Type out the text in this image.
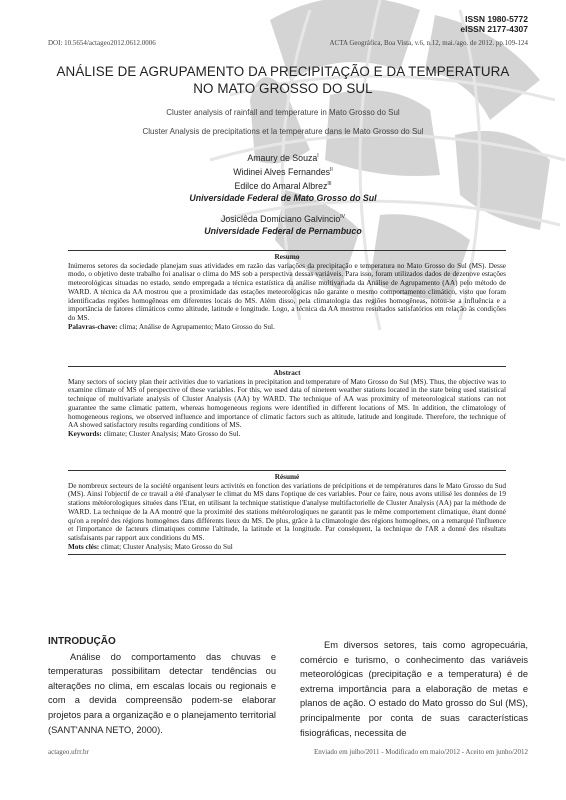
ISSN 1980-5772
eISSN 2177-4307
DOI: 10.5654/actageo2012.0612.0006	ACTA Geográfica, Boa Vista, v.6, n.12, mai./ago. de 2012. pp.109-124
ANÁLISE DE AGRUPAMENTO DA PRECIPITAÇÃO E DA TEMPERATURA
NO MATO GROSSO DO SUL
Cluster analysis of rainfall and temperature in Mato Grosso do Sul
Cluster Analysis de precipitations et la temperature dans le Mato Grosso do Sul
Amaury de Souza$^I$
Widinei Alves Fernandes$^{II}$
Edilce do Amaral Albrez$^{III}$
Universidade Federal de Mato Grosso do Sul
Josiclêda Domiciano Galvincio$^{IV}$
Universidade Federal de Pernambuco
Resumo
Inúmeros setores da sociedade planejam suas atividades em razão das variações da precipitação e temperatura no Mato Grosso do Sul (MS). Desse modo, o objetivo deste trabalho foi analisar o clima do MS sob a perspectiva dessas variáveis. Para isso, foram utilizados dados de dezenove estações meteorológicas situadas no estado, sendo empregada a técnica estatística da análise multivariada da Análise de Agrupamento (AA) pelo método de WARD. A técnica da AA mostrou que a proximidade das estações meteorológicas não garante o mesmo comportamento climático, visto que foram identificadas regiões homogêneas em diferentes locais do MS. Além disso, pela climatologia das regiões homogêneas, notou-se a influência e a importância de fatores climáticos como altitude, latitude e longitude. Logo, a técnica da AA mostrou resultados satisfatórios em relação às condições do MS.
Palavras-chave: clima; Análise de Agrupamento; Mato Grosso do Sul.
Abstract
Many sectors of society plan their activities due to variations in precipitation and temperature of Mato Grosso do Sul (MS). Thus, the objective was to examine climate of MS of perspective of these variables. For this, we used data of nineteen weather stations located in the state being used statistical technique of multivariate analysis of Cluster Analysis (AA) by WARD. The technique of AA was proximity of meteorological stations can not guarantee the same climatic pattern, whereas homogeneous regions were identified in different locations of MS. In addition, the climatology of homogeneous regions, we observed influence and importance of climatic factors such as altitude, latitude and longitude. Therefore, the technique of AA showed satisfactory results regarding conditions of MS.
Keywords: climate; Cluster Analysis; Mato Grosso do Sul.
Résumé
De nombreux secteurs de la société organisent leurs activités en fonction des variations de précipitions et de températures dans le Mato Grosso du Sud (MS). Ainsi l'objectif de ce travail a été d'analyser le climat du MS dans l'optique de ces variables. Pour ce faire, nous avons utilisé les données de 19 stations météorologiques situées dans l'Etat, en utilisant la technique statistique d'analyse multifactorielle de Cluster Analysis (AA) par la méthode de WARD. La technique de la AA montré que la proximité des stations météorologiques ne garantit pas le même comportement climatique, étant donné qu'on a repéré des régions homogènes dans différents lieux du MS. De plus, grâce à la climatologie des régions homogènes, on a remarqué l'influence et l'importance de facteurs climatiques comme l'altitude, la latitude et la longitude. Par conséquent, la technique de l'AR a donné des résultats satisfaisants par rapport aux conditions du MS.
Mots clés: climat; Cluster Analysis; Mato Grosso do Sul
INTRODUÇÃO

Análise do comportamento das chuvas e temperaturas possibilitam detectar tendências ou alterações no clima, em escalas locais ou regionais e com a devida compreensão podem-se elaborar projetos para a organização e o planejamento territorial (SANT'ANNA NETO, 2000).

Em diversos setores, tais como agropecuária, comércio e turismo, o conhecimento das variáveis meteorológicas (precipitação e a temperatura) é de extrema importância para a elaboração de metas e planos de ação. O estado do Mato grosso do Sul (MS), principalmente por conta de suas características fisiográficas, necessita de

actageo.ufrr.br	Enviado em julho/2011 - Modificado em maio/2012 - Aceito em junho/2012
